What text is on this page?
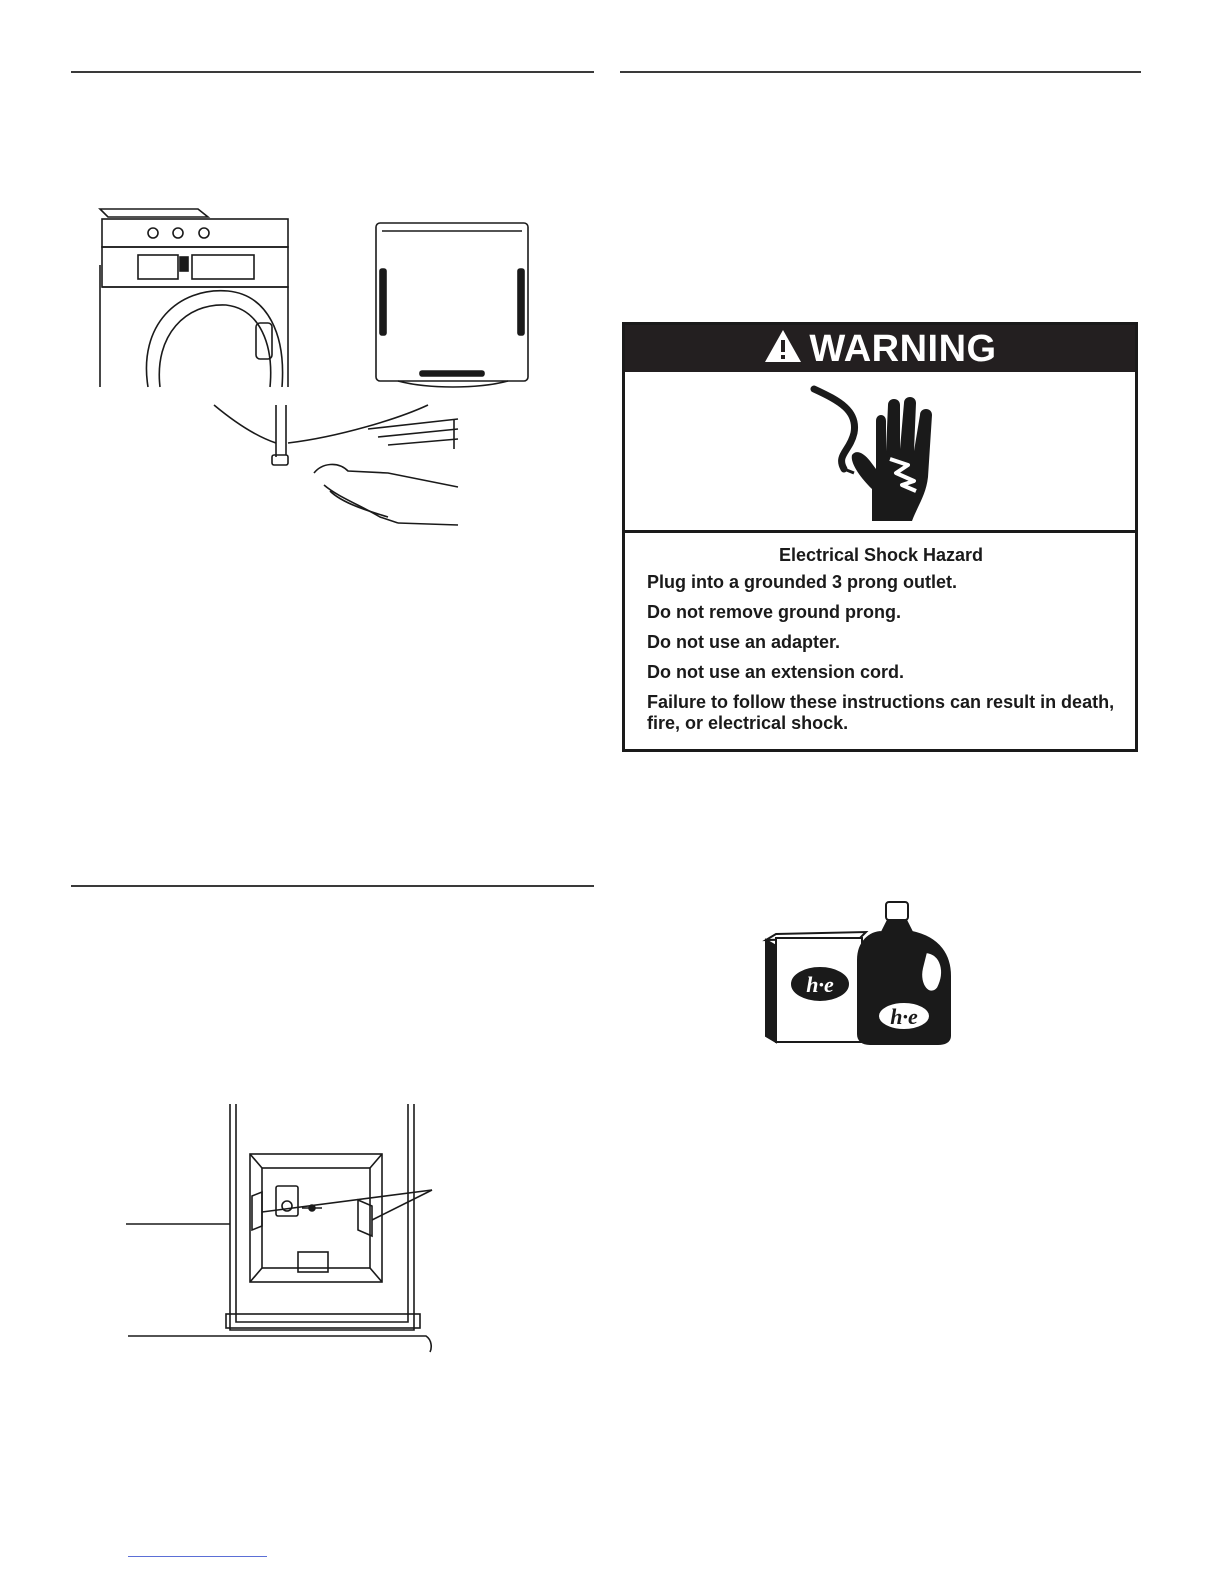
WARNING

Electrical Shock Hazard

Plug into a grounded 3 prong outlet.

Do not remove ground prong.

Do not use an adapter.

Do not use an extension cord.

Failure to follow these instructions can result in death, fire, or electrical shock.

h·e
h·e
